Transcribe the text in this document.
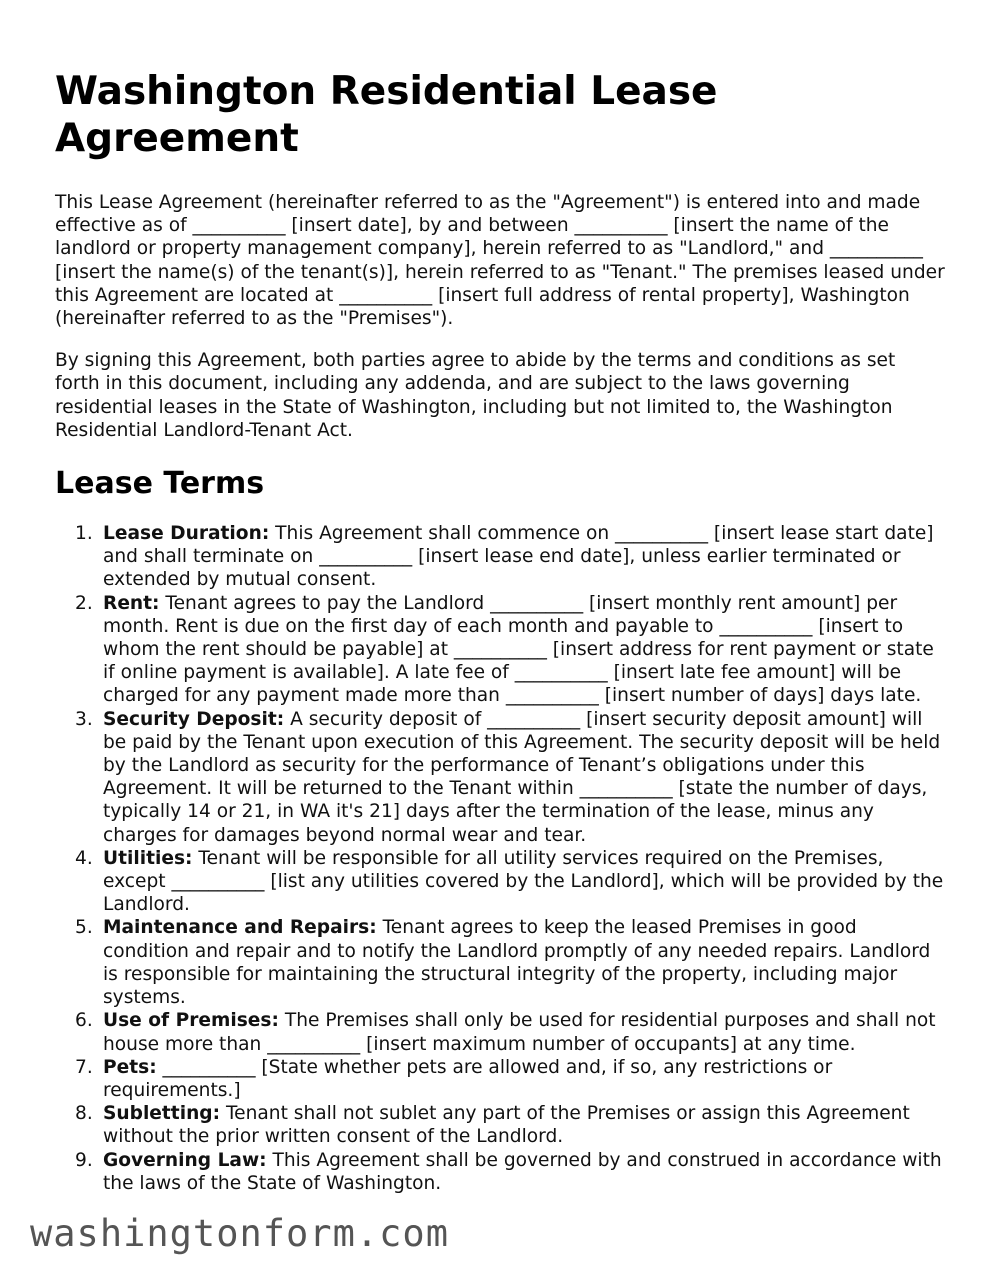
Washington Residential Lease Agreement

This Lease Agreement (hereinafter referred to as the "Agreement") is entered into and made effective as of __________ [insert date], by and between __________ [insert the name of the landlord or property management company], herein referred to as "Landlord," and __________ [insert the name(s) of the tenant(s)], herein referred to as "Tenant." The premises leased under this Agreement are located at __________ [insert full address of rental property], Washington (hereinafter referred to as the "Premises").

By signing this Agreement, both parties agree to abide by the terms and conditions as set forth in this document, including any addenda, and are subject to the laws governing residential leases in the State of Washington, including but not limited to, the Washington Residential Landlord-Tenant Act.

Lease Terms
1. Lease Duration: This Agreement shall commence on __________ [insert lease start date] and shall terminate on __________ [insert lease end date], unless earlier terminated or extended by mutual consent.
2. Rent: Tenant agrees to pay the Landlord __________ [insert monthly rent amount] per month. Rent is due on the first day of each month and payable to __________ [insert to whom the rent should be payable] at __________ [insert address for rent payment or state if online payment is available]. A late fee of __________ [insert late fee amount] will be charged for any payment made more than __________ [insert number of days] days late.
3. Security Deposit: A security deposit of __________ [insert security deposit amount] will be paid by the Tenant upon execution of this Agreement. The security deposit will be held by the Landlord as security for the performance of Tenant’s obligations under this Agreement. It will be returned to the Tenant within __________ [state the number of days, typically 14 or 21, in WA it's 21] days after the termination of the lease, minus any charges for damages beyond normal wear and tear.
4. Utilities: Tenant will be responsible for all utility services required on the Premises, except __________ [list any utilities covered by the Landlord], which will be provided by the Landlord.
5. Maintenance and Repairs: Tenant agrees to keep the leased Premises in good condition and repair and to notify the Landlord promptly of any needed repairs. Landlord is responsible for maintaining the structural integrity of the property, including major systems.
6. Use of Premises: The Premises shall only be used for residential purposes and shall not house more than __________ [insert maximum number of occupants] at any time.
7. Pets: __________ [State whether pets are allowed and, if so, any restrictions or requirements.]
8. Subletting: Tenant shall not sublet any part of the Premises or assign this Agreement without the prior written consent of the Landlord.
9. Governing Law: This Agreement shall be governed by and construed in accordance with the laws of the State of Washington.
washingtonform.com
